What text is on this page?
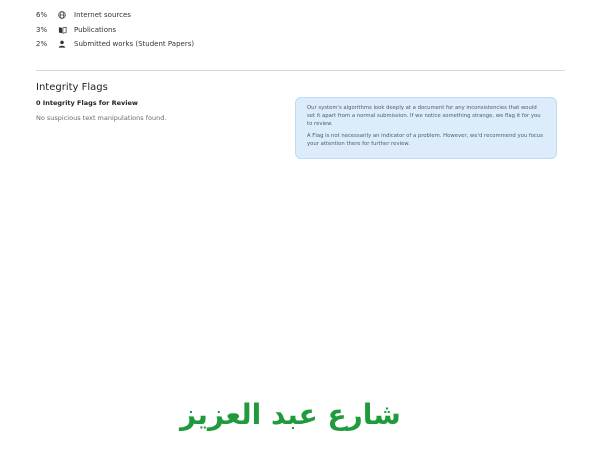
6%	Internet sources
3%	Publications
2%	Submitted works (Student Papers)
Integrity Flags
0 Integrity Flags for Review
No suspicious text manipulations found.

Our system's algorithms look deeply at a document for any inconsistencies that would set it apart from a normal submission. If we notice something strange, we flag it for you to review.

A Flag is not necessarily an indicator of a problem. However, we'd recommend you focus your attention there for further review.

شارع عبد العزيز
